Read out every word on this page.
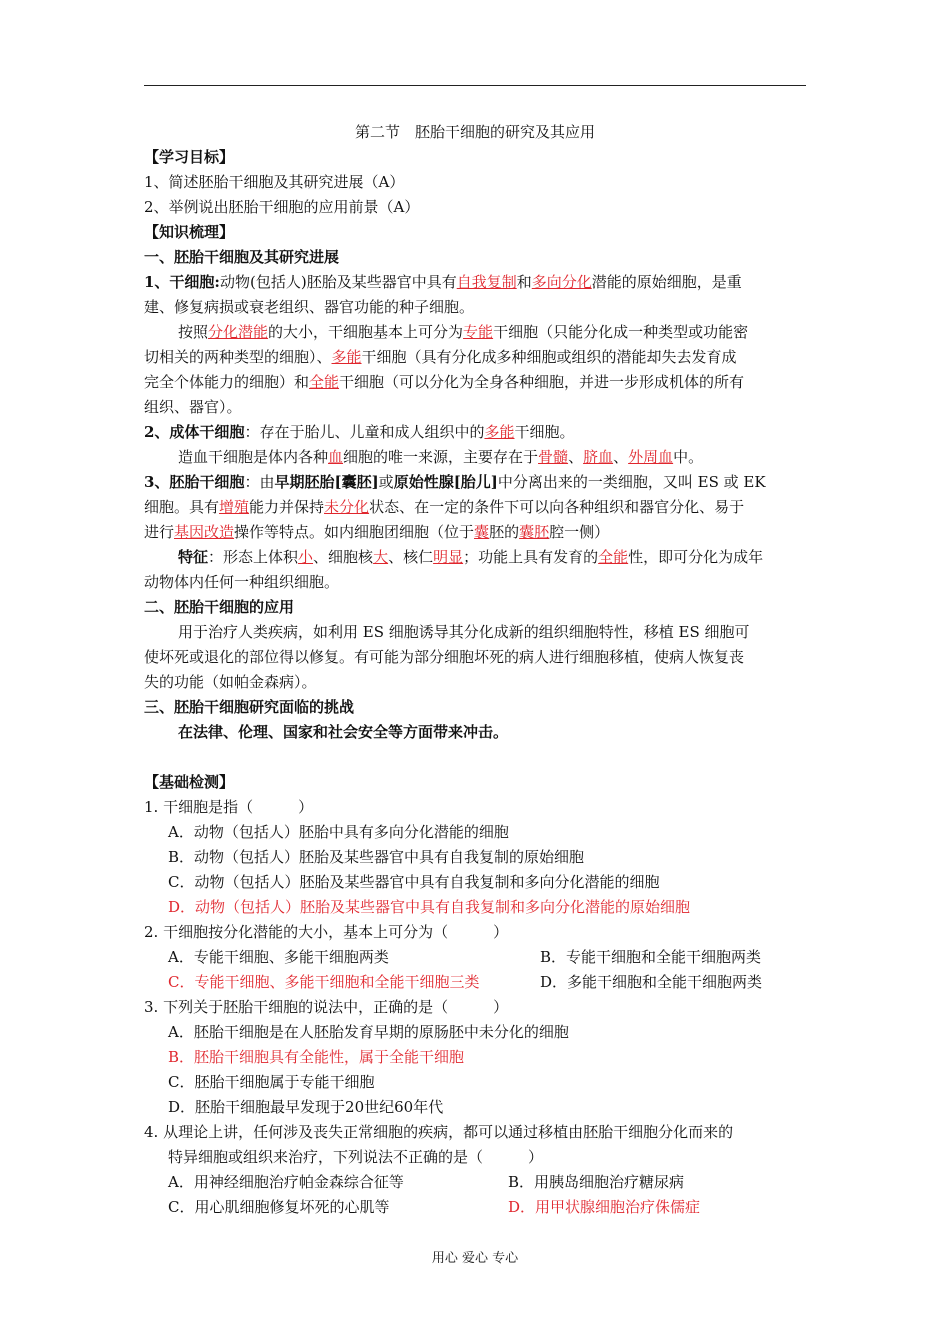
第二节　胚胎干细胞的研究及其应用
【学习目标】
1、简述胚胎干细胞及其研究进展（A）
2、举例说出胚胎干细胞的应用前景（A）
【知识梳理】
一、胚胎干细胞及其研究进展
1、干细胞:动物(包括人)胚胎及某些器官中具有自我复制和多向分化潜能的原始细胞，是重
建、修复病损或衰老组织、器官功能的种子细胞。
按照分化潜能的大小，干细胞基本上可分为专能干细胞（只能分化成一种类型或功能密
切相关的两种类型的细胞）、多能干细胞（具有分化成多种细胞或组织的潜能却失去发育成
完全个体能力的细胞）和全能干细胞（可以分化为全身各种细胞，并进一步形成机体的所有
组织、器官）。
2、成体干细胞：存在于胎儿、儿童和成人组织中的多能干细胞。
造血干细胞是体内各种血细胞的唯一来源，主要存在于骨髓、脐血、外周血中。
3、胚胎干细胞：由早期胚胎[囊胚]或原始性腺[胎儿]中分离出来的一类细胞，又叫 ES 或 EK
细胞。具有增殖能力并保持未分化状态、在一定的条件下可以向各种组织和器官分化、易于
进行基因改造操作等特点。如内细胞团细胞（位于囊胚的囊胚腔一侧）
特征：形态上体积小、细胞核大、核仁明显；功能上具有发育的全能性，即可分化为成年
动物体内任何一种组织细胞。
二、胚胎干细胞的应用
用于治疗人类疾病，如利用 ES 细胞诱导其分化成新的组织细胞特性，移植 ES 细胞可
使坏死或退化的部位得以修复。有可能为部分细胞坏死的病人进行细胞移植，使病人恢复丧
失的功能（如帕金森病）。
三、胚胎干细胞研究面临的挑战
在法律、伦理、国家和社会安全等方面带来冲击。
【基础检测】
1. 干细胞是指（　　　）
A．动物（包括人）胚胎中具有多向分化潜能的细胞
B．动物（包括人）胚胎及某些器官中具有自我复制的原始细胞
C．动物（包括人）胚胎及某些器官中具有自我复制和多向分化潜能的细胞
D．动物（包括人）胚胎及某些器官中具有自我复制和多向分化潜能的原始细胞
2. 干细胞按分化潜能的大小，基本上可分为（　　　）
A．专能干细胞、多能干细胞两类	B．专能干细胞和全能干细胞两类
C．专能干细胞、多能干细胞和全能干细胞三类	D．多能干细胞和全能干细胞两类
3. 下列关于胚胎干细胞的说法中，正确的是（　　　）
A．胚胎干细胞是在人胚胎发育早期的原肠胚中未分化的细胞
B．胚胎干细胞具有全能性，属于全能干细胞
C．胚胎干细胞属于专能干细胞
D．胚胎干细胞最早发现于20世纪60年代
4. 从理论上讲，任何涉及丧失正常细胞的疾病，都可以通过移植由胚胎干细胞分化而来的
特异细胞或组织来治疗，下列说法不正确的是（　　　）
A．用神经细胞治疗帕金森综合征等	B．用胰岛细胞治疗糖尿病
C．用心肌细胞修复坏死的心肌等	D．用甲状腺细胞治疗侏儒症
用心 爱心 专心
